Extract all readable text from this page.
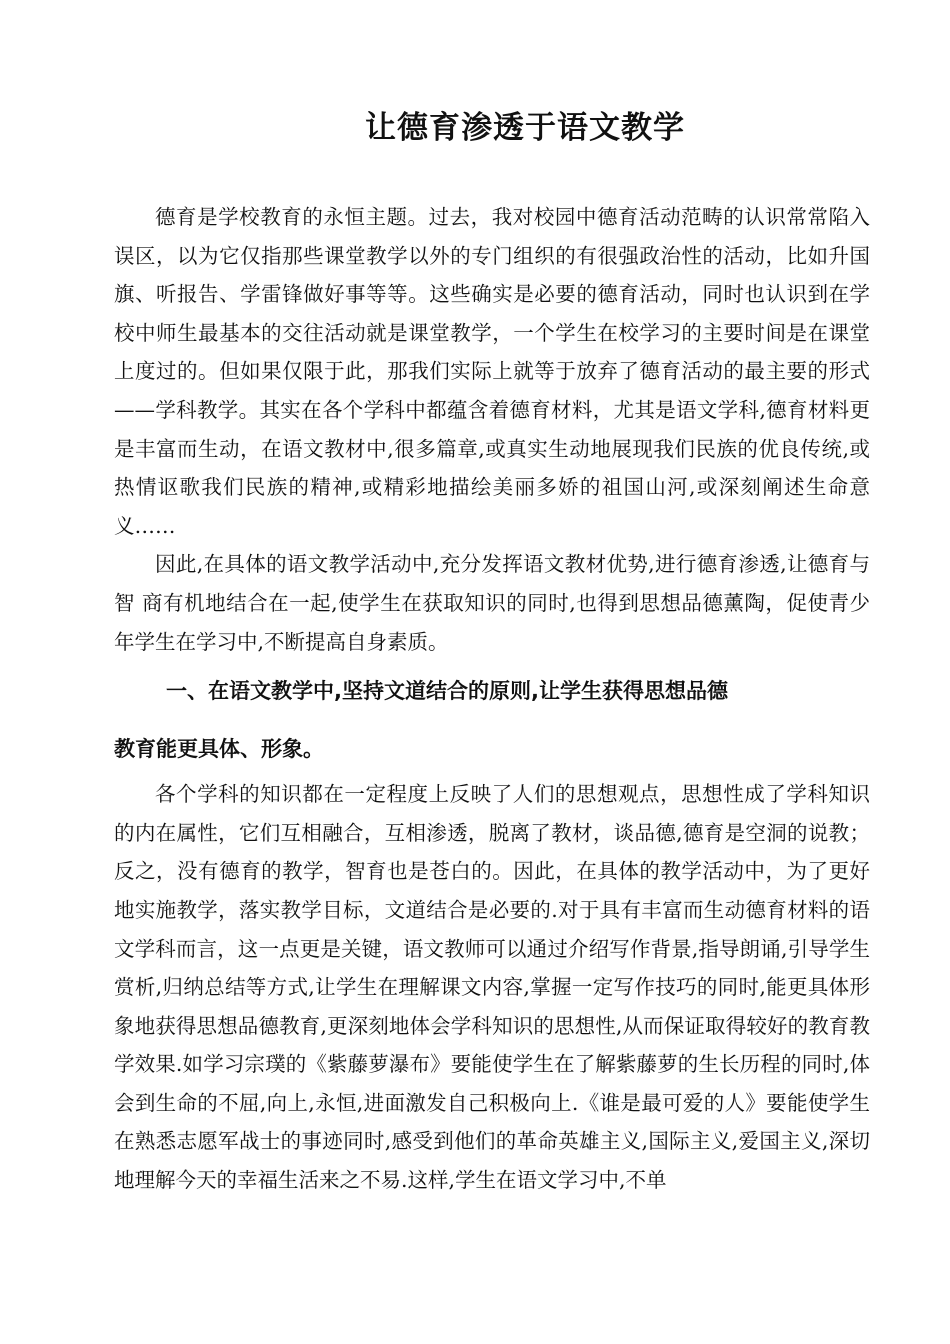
让德育渗透于语文教学

德育是学校教育的永恒主题。过去，我对校园中德育活动范畴的认识常常陷入误区，以为它仅指那些课堂教学以外的专门组织的有很强政治性的活动，比如升国旗、听报告、学雷锋做好事等等。这些确实是必要的德育活动，同时也认识到在学校中师生最基本的交往活动就是课堂教学，一个学生在校学习的主要时间是在课堂上度过的。但如果仅限于此，那我们实际上就等于放弃了德育活动的最主要的形式——学科教学。其实在各个学科中都蕴含着德育材料，尤其是语文学科,德育材料更是丰富而生动，在语文教材中,很多篇章,或真实生动地展现我们民族的优良传统,或热情讴歌我们民族的精神,或精彩地描绘美丽多娇的祖国山河,或深刻阐述生命意义……

因此,在具体的语文教学活动中,充分发挥语文教材优势,进行德育渗透,让德育与智 商有机地结合在一起,使学生在获取知识的同时,也得到思想品德薰陶，促使青少年学生在学习中,不断提高自身素质。

一、在语文教学中,坚持文道结合的原则,让学生获得思想品德
教育能更具体、形象。

各个学科的知识都在一定程度上反映了人们的思想观点，思想性成了学科知识的内在属性，它们互相融合，互相渗透，脱离了教材，谈品德,德育是空洞的说教；反之，没有德育的教学，智育也是苍白的。因此，在具体的教学活动中，为了更好地实施教学，落实教学目标，文道结合是必要的.对于具有丰富而生动德育材料的语文学科而言，这一点更是关键，语文教师可以通过介绍写作背景,指导朗诵,引导学生赏析,归纳总结等方式,让学生在理解课文内容,掌握一定写作技巧的同时,能更具体形象地获得思想品德教育,更深刻地体会学科知识的思想性,从而保证取得较好的教育教学效果.如学习宗璞的《紫藤萝瀑布》要能使学生在了解紫藤萝的生长历程的同时,体会到生命的不屈,向上,永恒,进面激发自己积极向上.《谁是最可爱的人》要能使学生在熟悉志愿军战士的事迹同时,感受到他们的革命英雄主义,国际主义,爱国主义,深切地理解今天的幸福生活来之不易.这样,学生在语文学习中,不单
